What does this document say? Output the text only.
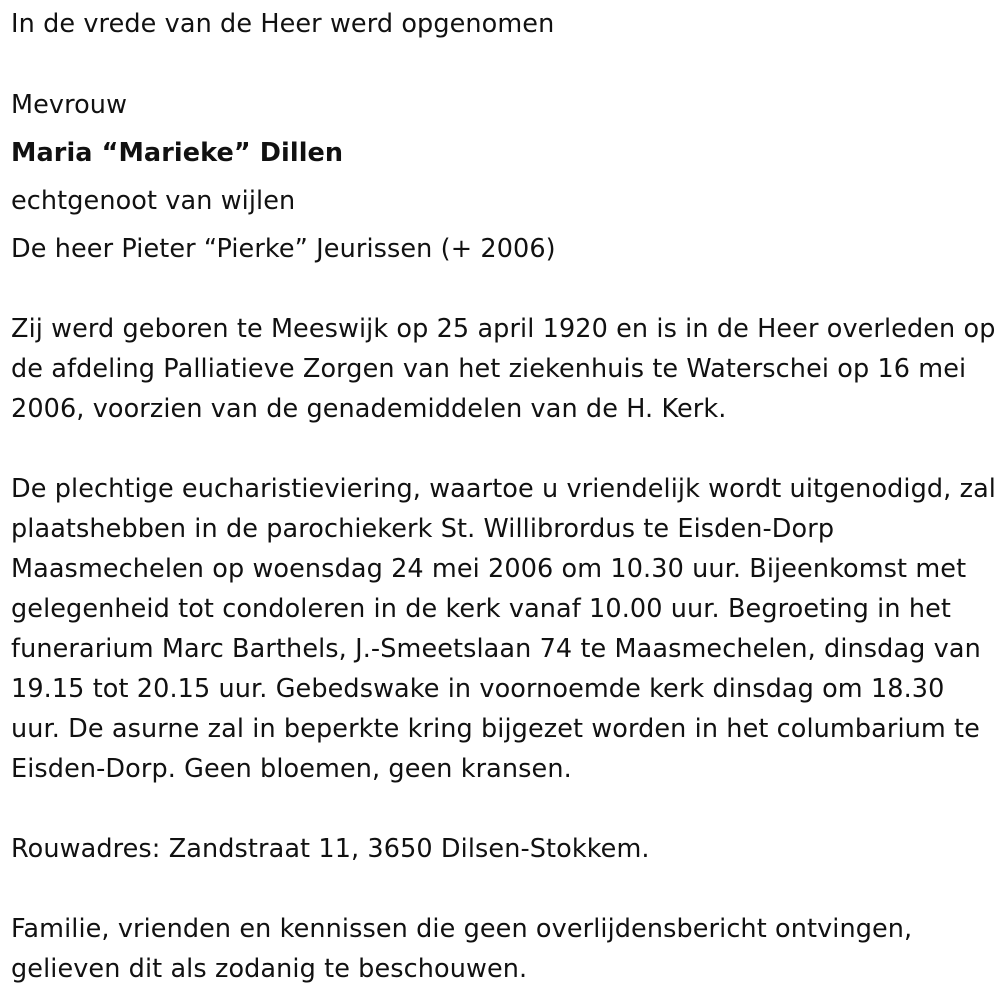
In de vrede van de Heer werd opgenomen
Mevrouw
Maria “Marieke” Dillen
echtgenoot van wijlen
De heer Pieter “Pierke” Jeurissen (+ 2006)

Zij werd geboren te Meeswijk op 25 april 1920 en is in de Heer overleden op de afdeling Palliatieve Zorgen van het ziekenhuis te Waterschei op 16 mei 2006, voorzien van de genademiddelen van de H. Kerk.

De plechtige eucharistieviering, waartoe u vriendelijk wordt uitgenodigd, zal plaatshebben in de parochiekerk St. Willibrordus te Eisden-Dorp Maasmechelen op woensdag 24 mei 2006 om 10.30 uur. Bijeenkomst met gelegenheid tot condoleren in de kerk vanaf 10.00 uur. Begroeting in het funerarium Marc Barthels, J.-Smeetslaan 74 te Maasmechelen, dinsdag van 19.15 tot 20.15 uur. Gebedswake in voornoemde kerk dinsdag om 18.30 uur. De asurne zal in beperkte kring bijgezet worden in het columbarium te Eisden-Dorp. Geen bloemen, geen kransen.

Rouwadres: Zandstraat 11, 3650 Dilsen-Stokkem.

Familie, vrienden en kennissen die geen overlijdensbericht ontvingen, gelieven dit als zodanig te beschouwen.
